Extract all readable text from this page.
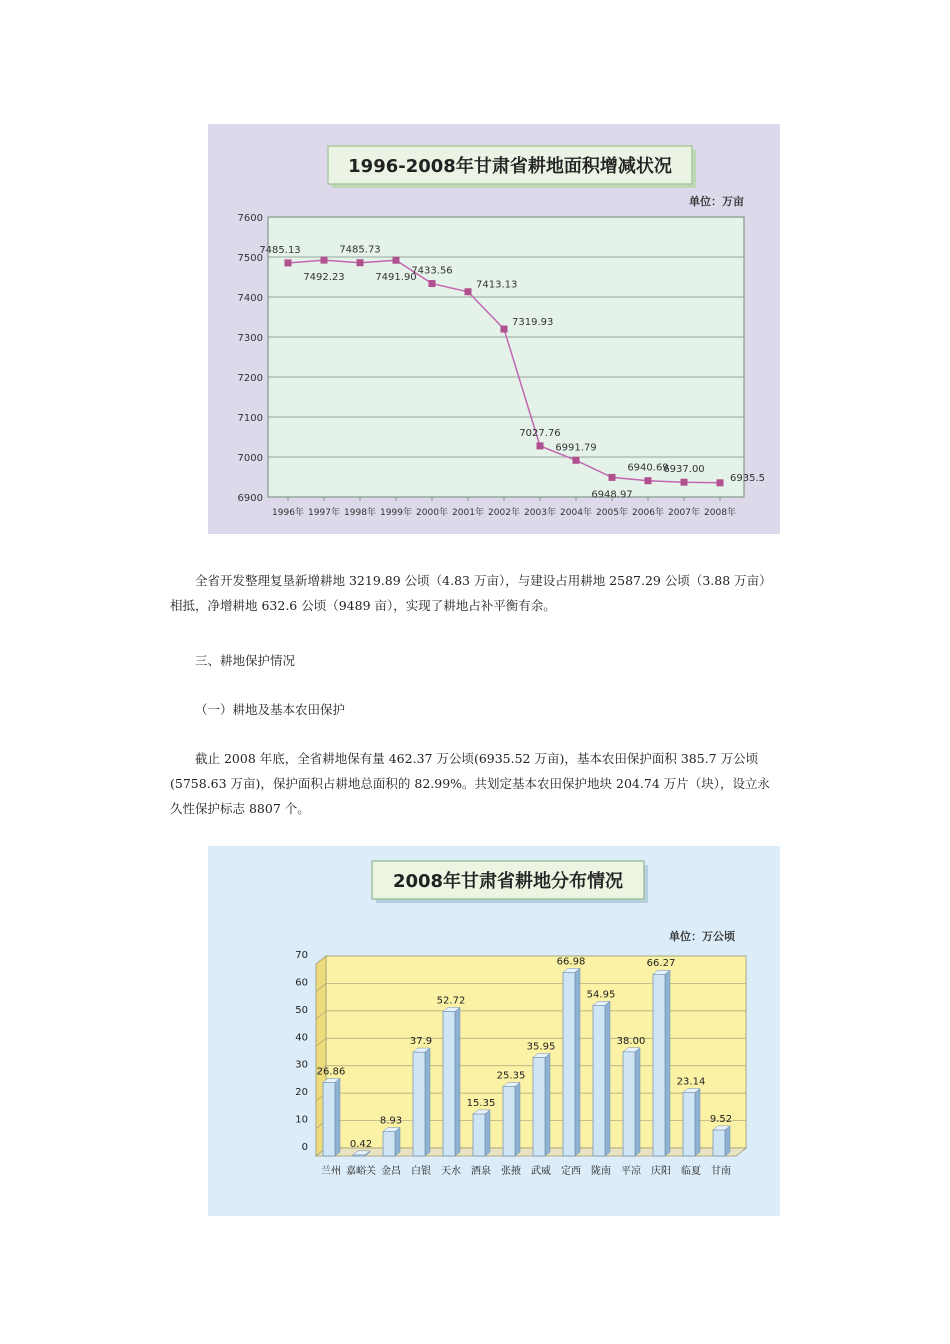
1996-2008年甘肃省耕地面积增减状况
单位：万亩
6900
7000
7100
7200
7300
7400
7500
7600
1996年 1997年 1998年 1999年 2000年 2001年 2002年 2003年 2004年 2005年 2006年 2007年 2008年
7485.13
7492.23
7485.73
7491.90
7433.56
7413.13
7319.93
7027.76
6991.79
6948.97
6940.69
6937.00
6935.5

全省开发整理复垦新增耕地 3219.89 公顷（4.83 万亩），与建设占用耕地 2587.29 公顷（3.88 万亩）相抵，净增耕地 632.6 公顷（9489 亩），实现了耕地占补平衡有余。

三、耕地保护情况

（一）耕地及基本农田保护

截止 2008 年底，全省耕地保有量 462.37 万公顷(6935.52 万亩)，基本农田保护面积 385.7 万公顷(5758.63 万亩)，保护面积占耕地总面积的 82.99%。共划定基本农田保护地块 204.74 万片（块），设立永久性保护标志 8807 个。

2008年甘肃省耕地分布情况
单位：万公顷
0
10
20
30
40
50
60
70
26.86
兰州
0.42
嘉峪关
8.93
金昌
37.9
白银
52.72
天水
15.35
酒泉
25.35
张掖
35.95
武威
66.98
定西
54.95
陇南
38.00
平凉
66.27
庆阳
23.14
临夏
9.52
甘南
